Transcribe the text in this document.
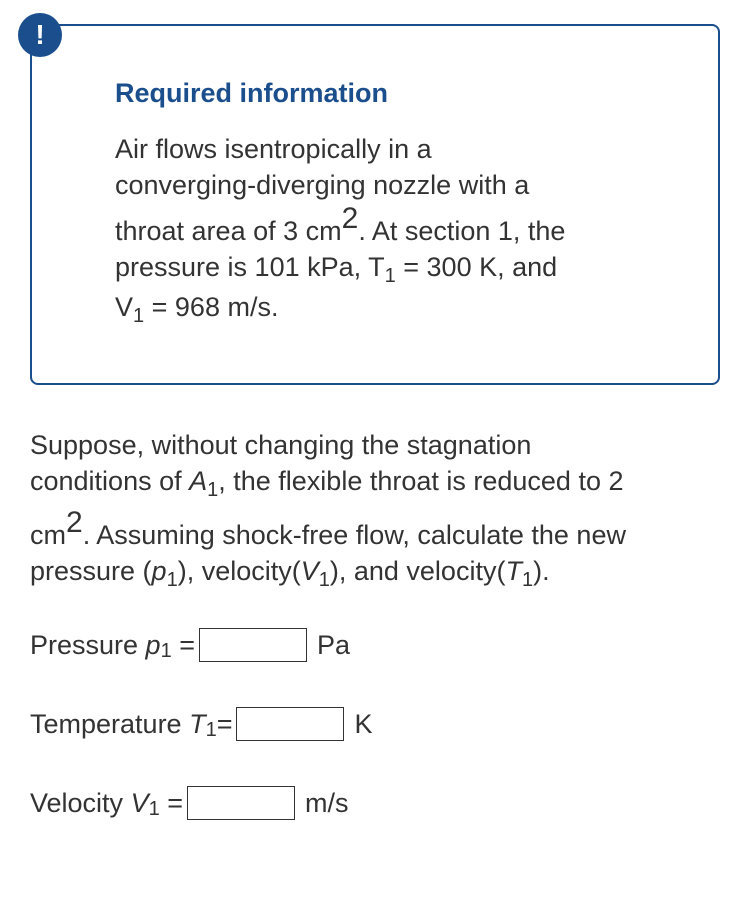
!
Required information
Air flows isentropically in a
converging-diverging nozzle with a
throat area of 3 cm2. At section 1, the
pressure is 101 kPa, $T_1 = 300$ K, and
$V_1 = 968$ m/s.
Suppose, without changing the stagnation
conditions of $A_1$, the flexible throat is reduced to 2
cm2. Assuming shock-free flow, calculate the new
pressure $(p_1)$, $velocity(V_1)$, and $velocity(T_1)$.
Pressure p 1 =	Pa
Temperature T 1 =	K
Velocity V 1 =	m/s
